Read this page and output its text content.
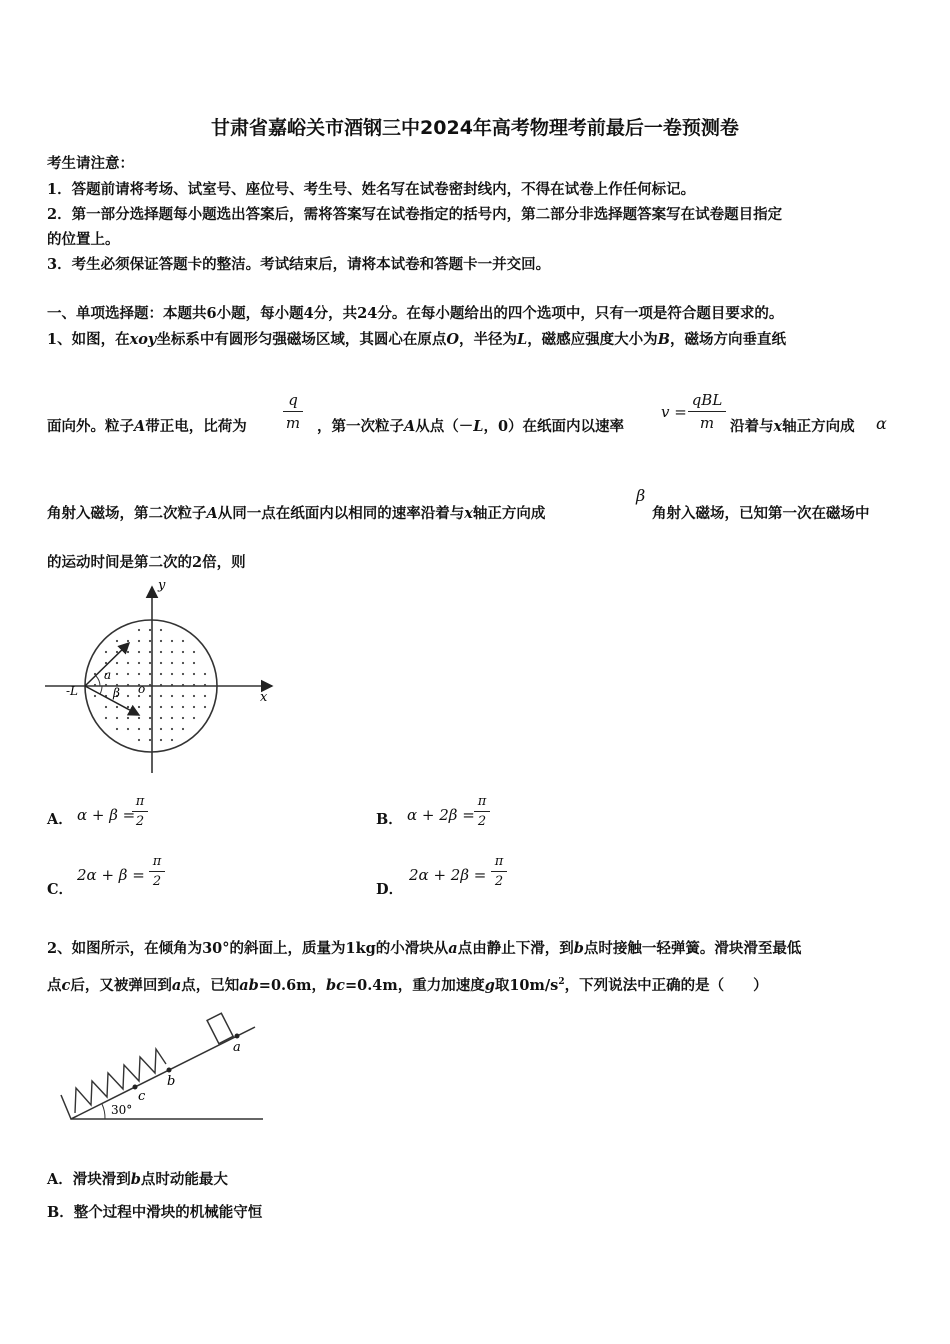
甘肃省嘉峪关市酒钢三中2024年高考物理考前最后一卷预测卷
考生请注意：
1．答题前请将考场、试室号、座位号、考生号、姓名写在试卷密封线内，不得在试卷上作任何标记。
2．第一部分选择题每小题选出答案后，需将答案写在试卷指定的括号内，第二部分非选择题答案写在试卷题目指定
的位置上。
3．考生必须保证答题卡的整洁。考试结束后，请将本试卷和答题卡一并交回。
一、单项选择题：本题共6小题，每小题4分，共24分。在每小题给出的四个选项中，只有一项是符合题目要求的。
1、如图，在xoy坐标系中有圆形匀强磁场区域，其圆心在原点O，半径为L，磁感应强度大小为B，磁场方向垂直纸
面向外。粒子A带正电，比荷为
q
m ，第一次粒子A从点（－L，0）在纸面内以速率
v =
qBL
m	沿着与x轴正方向成 α
角射入磁场，第二次粒子A从同一点在纸面内以相同的速率沿着与x轴正方向成
β
角射入磁场，已知第一次在磁场中
的运动时间是第二次的2倍，则
y
x
o
-L
a
β
A． α + β =
π
2	B． α + 2β =
π
2
C．
2α + β =
π
2	D．
2α + 2β =
π
2
2、如图所示，在倾角为30°的斜面上，质量为1kg的小滑块从a点由静止下滑，到b点时接触一轻弹簧。滑块滑至最低
点c后，又被弹回到a点，已知ab=0.6m，bc=0.4m，重力加速度g取$10m/s^2$，下列说法中正确的是（　　）
a
b
c
30°
A．滑块滑到b点时动能最大
B．整个过程中滑块的机械能守恒
